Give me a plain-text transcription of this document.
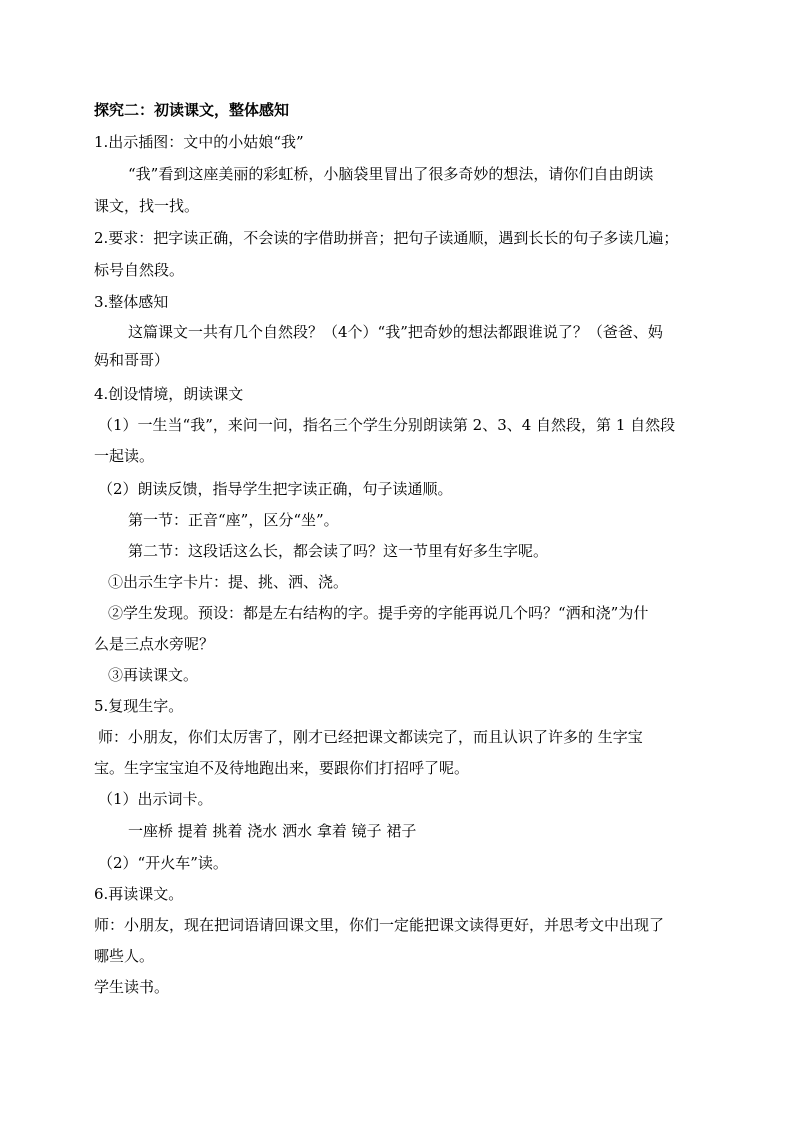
探究二：初读课文，整体感知
1.出示插图：文中的小姑娘“我”
“我”看到这座美丽的彩虹桥，小脑袋里冒出了很多奇妙的想法，请你们自由朗读
课文，找一找。
2.要求：把字读正确，不会读的字借助拼音；把句子读通顺，遇到长长的句子多读几遍；
标号自然段。
3.整体感知
这篇课文一共有几个自然段？（4个）“我”把奇妙的想法都跟谁说了？（爸爸、妈
妈和哥哥）
4.创设情境，朗读课文
（1）一生当“我”，来问一问，指名三个学生分别朗读第 2、3、4 自然段，第 1 自然段
一起读。
（2）朗读反馈，指导学生把字读正确，句子读通顺。
第一节：正音“座”，区分“坐”。
第二节：这段话这么长，都会读了吗？这一节里有好多生字呢。
①出示生字卡片：提、挑、洒、浇。
②学生发现。预设：都是左右结构的字。提手旁的字能再说几个吗？“洒和浇”为什
么是三点水旁呢？
③再读课文。
5.复现生字。
师：小朋友，你们太厉害了，刚才已经把课文都读完了，而且认识了许多的 生字宝
宝。生字宝宝迫不及待地跑出来，要跟你们打招呼了呢。
（1）出示词卡。
一座桥 提着 挑着 浇水 洒水 拿着 镜子 裙子
（2）“开火车”读。
6.再读课文。
师：小朋友，现在把词语请回课文里，你们一定能把课文读得更好，并思考文中出现了
哪些人。
学生读书。
